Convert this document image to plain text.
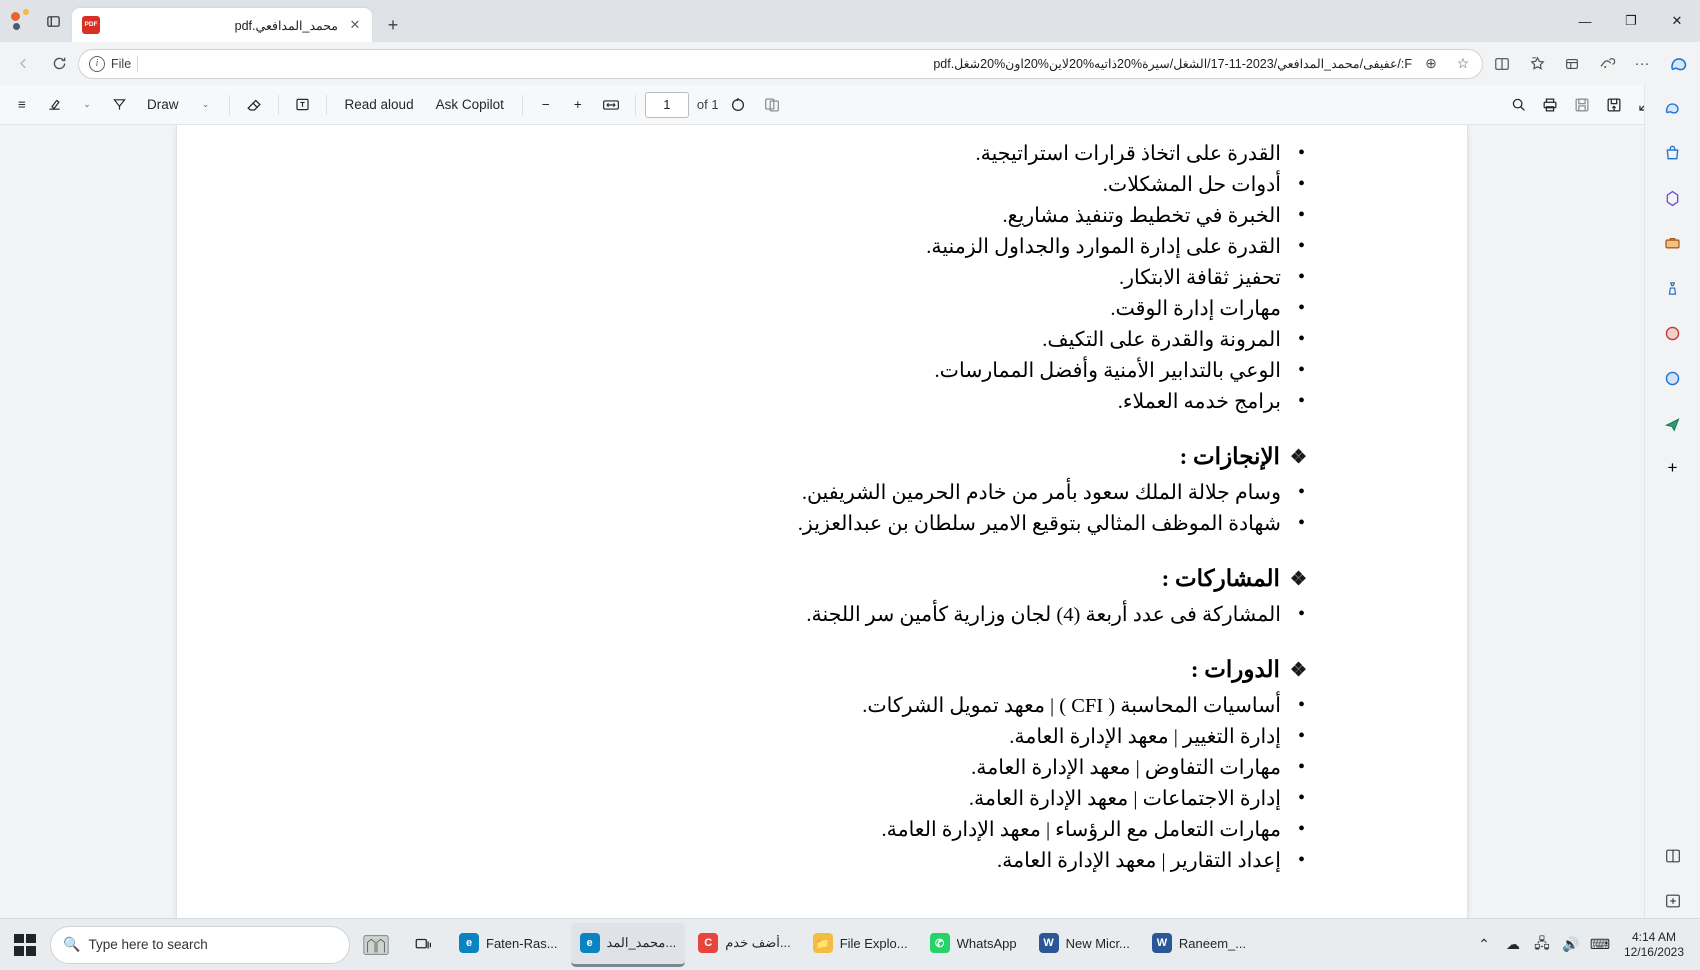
PDF	محمد_المدافعي.pdf ✕	+	—	❐	✕
i	File	F:/عفيفى/محمد_المدافعي/2023-11-17/الشغل/سيرة%20ذاتيه%20لاين%20اون%20شغل.pdf ⊕	☆	···
≡	⌄	Draw	⌄	Read aloud	Ask Copilot	−	+	1	of 1
• القدرة على اتخاذ قرارات استراتيجية.
• أدوات حل المشكلات.
• الخبرة في تخطيط وتنفيذ مشاريع.
• القدرة على إدارة الموارد والجداول الزمنية.
• تحفيز ثقافة الابتكار.
• مهارات إدارة الوقت.
• المرونة والقدرة على التكيف.
• الوعي بالتدابير الأمنية وأفضل الممارسات.
• برامج خدمه العملاء.
❖
الإنجازات :
• وسام جلالة الملك سعود بأمر من خادم الحرمين الشريفين.
• شهادة الموظف المثالي بتوقيع الامير سلطان بن عبدالعزيز.
❖
المشاركات :
• المشاركة فى عدد أربعة (4) لجان وزارية كأمين سر اللجنة.
❖
الدورات :
• أساسيات المحاسبة ( CFI ) | معهد تمويل الشركات.
• إدارة التغيير | معهد الإدارة العامة.
• مهارات التفاوض | معهد الإدارة العامة.
• إدارة الاجتماعات | معهد الإدارة العامة.
• مهارات التعامل مع الرؤساء | معهد الإدارة العامة.
• إعداد التقارير | معهد الإدارة العامة.
+
🔍 Type here to search	e	Faten-Ras...	e	محمد_المد...	C	أضف خدم... 📁 File Explo...	✆ WhatsApp	W New Micr...	W Raneem_...	⌃	☁ 🖧 🔊 ⌨	4:14 AM
12/16/2023
